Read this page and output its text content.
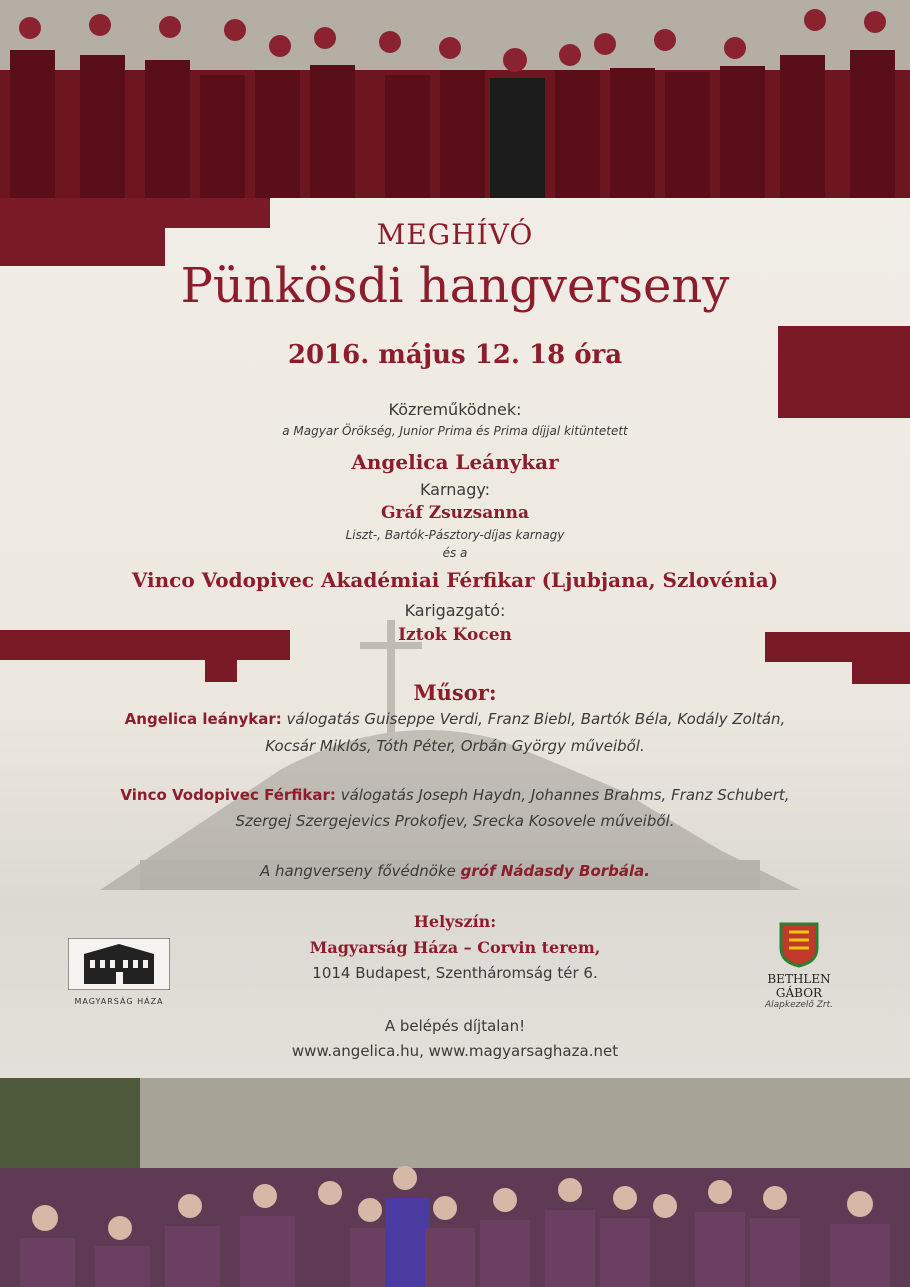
MEGHÍVÓ
Pünkösdi hangverseny
2016. május 12. 18 óra
Közreműködnek:
a Magyar Örökség, Junior Prima és Prima díjjal kitüntetett
Angelica Leánykar
Karnagy:
Gráf Zsuzsanna
Liszt-, Bartók-Pásztory-díjas karnagy
és a
Vinco Vodopivec Akadémiai Férfikar (Ljubjana, Szlovénia)
Karigazgató:
Iztok Kocen
Műsor:
Angelica leánykar: válogatás Guiseppe Verdi, Franz Biebl, Bartók Béla, Kodály Zoltán,
Kocsár Miklós, Tóth Péter, Orbán György műveiből.
Vinco Vodopivec Férfikar: válogatás Joseph Haydn, Johannes Brahms, Franz Schubert,
Szergej Szergejevics Prokofjev, Srecka Kosovele műveiből.
A hangverseny fővédnöke gróf Nádasdy Borbála.
Helyszín:
Magyarság Háza – Corvin terem,
1014 Budapest, Szentháromság tér 6.
A belépés díjtalan!
www.angelica.hu, www.magyarsaghaza.net
MAGYARSÁG HÁZA
BETHLEN GÁBOR
Alapkezelő Zrt.
